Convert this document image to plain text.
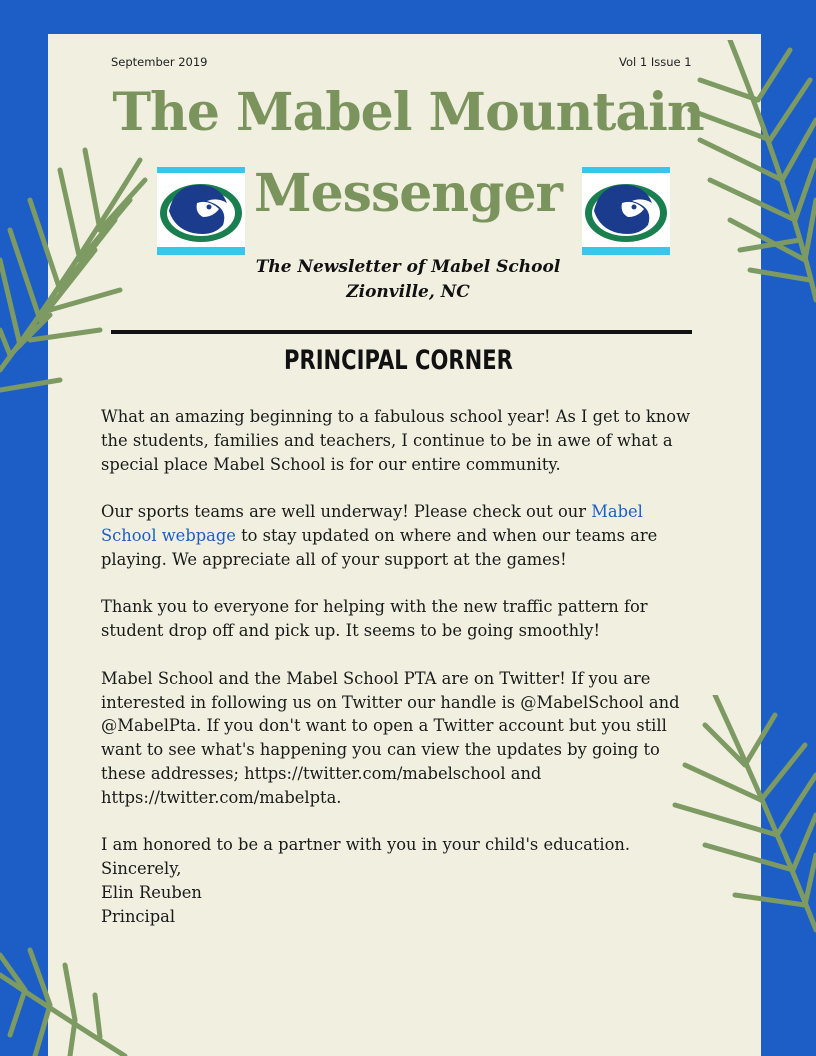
September 2019	Vol 1 Issue 1
The Mabel Mountain
Messenger
The Newsletter of Mabel School
Zionville, NC
PRINCIPAL CORNER

What an amazing beginning to a fabulous school year! As I get to know the students, families and teachers, I continue to be in awe of what a special place Mabel School is for our entire community.

Our sports teams are well underway! Please check out our Mabel School webpage to stay updated on where and when our teams are playing. We appreciate all of your support at the games!

Thank you to everyone for helping with the new traffic pattern for student drop off and pick up. It seems to be going smoothly!

Mabel School and the Mabel School PTA are on Twitter! If you are interested in following us on Twitter our handle is @MabelSchool and @MabelPta. If you don't want to open a Twitter account but you still want to see what's happening you can view the updates by going to these addresses; https://twitter.com/mabelschool and https://twitter.com/mabelpta.

I am honored to be a partner with you in your child's education.
Sincerely,
Elin Reuben
Principal
